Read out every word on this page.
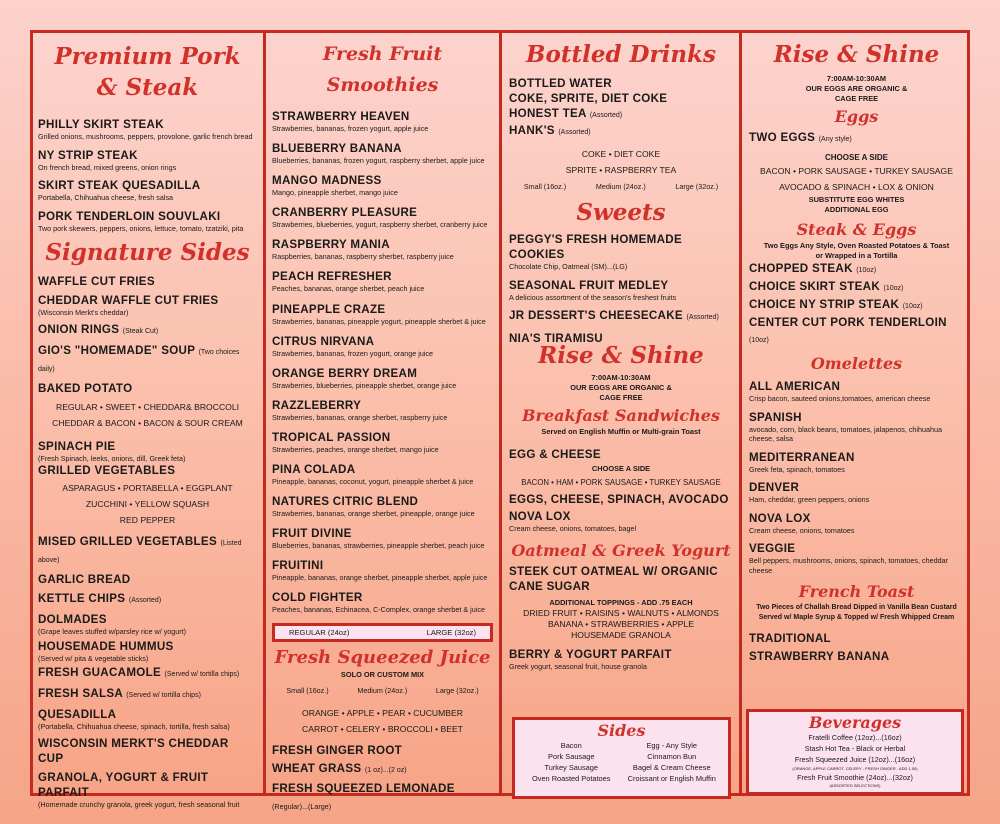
Premium Pork

& Steak

PHILLY SKIRT STEAK

Grilled onions, mushrooms, peppers, provolone, garlic french bread

NY STRIP STEAK

On french bread, mixed greens, onion rings

SKIRT STEAK QUESADILLA

Portabella, Chihuahua cheese, fresh salsa

PORK TENDERLOIN SOUVLAKI

Two pork skewers, peppers, onions, lettuce, tomato, tzatziki, pita

Signature Sides

WAFFLE CUT FRIES

CHEDDAR WAFFLE CUT FRIES

(Wisconsin Merkt's cheddar)

ONION RINGS (Steak Cut)

GIO'S "HOMEMADE" SOUP (Two choices daily)

BAKED POTATO

REGULAR • SWEET • CHEDDAR& BROCCOLI

CHEDDAR & BACON • BACON & SOUR CREAM

SPINACH PIE

(Fresh Spinach, leeks, onions, dill, Greek feta)

GRILLED VEGETABLES

ASPARAGUS • PORTABELLA • EGGPLANT

ZUCCHINI • YELLOW SQUASH

RED PEPPER

MISED GRILLED VEGETABLES (Listed above)

GARLIC BREAD

KETTLE CHIPS (Assorted)

DOLMADES

(Grape leaves stuffed w/parsley rice w/ yogurt)

HOUSEMADE HUMMUS

(Served w/ pita & vegetable sticks)

FRESH GUACAMOLE (Served w/ tortilla chips)

FRESH SALSA (Served w/ tortilla chips)

QUESADILLA

(Portabella, Chihuahua cheese, spinach, tortilla, fresh salsa)

WISCONSIN MERKT'S CHEDDAR CUP

GRANOLA, YOGURT & FRUIT PARFAIT

(Homemade crunchy granola, greek yogurt, fresh seasonal fruit

Fresh Fruit Smoothies

STRAWBERRY HEAVEN

Strawberries, bananas, frozen yogurt, apple juice

BLUEBERRY BANANA

Blueberries, bananas, frozen yogurt, raspberry sherbet, apple juice

MANGO MADNESS

Mango, pineapple sherbet, mango juice

CRANBERRY PLEASURE

Strawberries, blueberries, yogurt, raspberry sherbet, cranberry juice

RASPBERRY MANIA

Raspberries, bananas, raspberry sherbet, raspberry juice

PEACH REFRESHER

Peaches, bananas, orange sherbet, peach juice

PINEAPPLE CRAZE

Strawberries, bananas, pineapple yogurt, pineapple sherbet & juice

CITRUS NIRVANA

Strawberries, bananas, frozen yogurt, orange juice

ORANGE BERRY DREAM

Strawberries, blueberries, pineapple sherbet, orange juice

RAZZLEBERRY

Strawberries, bananas, orange sherbet, raspberry juice

TROPICAL PASSION

Strawberries, peaches, orange sherbet, mango juice

PINA COLADA

Pineapple, bananas, coconut, yogurt, pineapple sherbet & juice

NATURES CITRIC BLEND

Strawberries, bananas, orange sherbet, pineapple, orange juice

FRUIT DIVINE

Blueberries, bananas, strawberries, pineapple sherbet, peach juice

FRUITINI

Pineapple, bananas, orange sherbet, pineapple sherbet, apple juice

COLD FIGHTER

Peaches, bananas, Echinacea, C-Complex, orange sherbet & juice

REGULAR (24oz)	LARGE (32oz)

Fresh Squeezed Juice

SOLO OR CUSTOM MIX

Small (16oz.)	Medium (24oz.)	Large (32oz.)

ORANGE • APPLE • PEAR • CUCUMBER

CARROT • CELERY • BROCCOLI • BEET

FRESH GINGER ROOT

WHEAT GRASS (1 oz)...(2 oz)

FRESH SQUEEZED LEMONADE

(Regular)...(Large)

Bottled Drinks

BOTTLED WATER

COKE, SPRITE, DIET COKE

HONEST TEA (Assorted)

HANK'S (Assorted)

COKE • DIET COKE

SPRITE • RASPBERRY TEA

Small (16oz.)	Medium (24oz.)	Large (32oz.)

Sweets

PEGGY'S FRESH HOMEMADE COOKIES

Chocolate Chip, Oatmeal (SM)...(LG)

SEASONAL FRUIT MEDLEY

A delicious assortment of the season's freshest fruits

JR DESSERT'S CHEESECAKE (Assorted)

NIA'S TIRAMISU

Rise & Shine

7:00AM-10:30AM

OUR EGGS ARE ORGANIC &

CAGE FREE

Breakfast Sandwiches

Served on English Muffin or Multi-grain Toast

EGG & CHEESE

CHOOSE A SIDE

BACON • HAM • PORK SAUSAGE • TURKEY SAUSAGE

EGGS, CHEESE, SPINACH, AVOCADO

NOVA LOX

Cream cheese, onions, tomatoes, bagel

Oatmeal & Greek Yogurt

STEEK CUT OATMEAL W/ ORGANIC

CANE SUGAR

ADDITIONAL TOPPINGS - ADD .75 EACH

DRIED FRUIT • RAISINS • WALNUTS • ALMONDS

BANANA • STRAWBERRIES • APPLE

HOUSEMADE GRANOLA

BERRY & YOGURT PARFAIT

Greek yogurt, seasonal fruit, house granola

Sides

Bacon	Egg - Any Style
Pork Sausage	Cinnamon Bun
Turkey Sausage	Bagel & Cream Cheese
Oven Roasted Potatoes	Croissant or English Muffin

Rise & Shine

7:00AM-10:30AM

OUR EGGS ARE ORGANIC &

CAGE FREE

Eggs

TWO EGGS (Any style)

CHOOSE A SIDE

BACON • PORK SAUSAGE • TURKEY SAUSAGE

AVOCADO & SPINACH • LOX & ONION

SUBSTITUTE EGG WHITES

ADDITIONAL EGG

Steak & Eggs

Two Eggs Any Style, Oven Roasted Potatoes & Toast

or Wrapped in a Tortilla

CHOPPED STEAK (10oz)

CHOICE SKIRT STEAK (10oz)

CHOICE NY STRIP STEAK (10oz)

CENTER CUT PORK TENDERLOIN (10oz)

Omelettes

ALL AMERICAN

Crisp bacon, sauteed onions,tomatoes, american cheese

SPANISH

avocado, corn, black beans, tomatoes, jalapenos, chihuahua cheese, salsa

MEDITERRANEAN

Greek feta, spinach, tomatoes

DENVER

Ham, cheddar, green peppers, onions

NOVA LOX

Cream cheese, onions, tomatoes

VEGGIE

Bell peppers, mushrooms, onions, spinach, tomatoes, cheddar cheese

French Toast

Two Pieces of Challah Bread Dipped in Vanilla Bean Custard

Served w/ Maple Syrup & Topped w/ Fresh Whipped Cream

TRADITIONAL

STRAWBERRY BANANA

Beverages

Fratelli Coffee (12oz)...(16oz)

Stash Hot Tea - Black or Herbal

Fresh Squeezed Juice (12oz)...(16oz)

(ORANGE, APPLE CARROT, CELERY - FRESH GINGER - ADD 1.00)

Fresh Fruit Smoothie (24oz)...(32oz)

(ASSORTED SELECTIONS)
